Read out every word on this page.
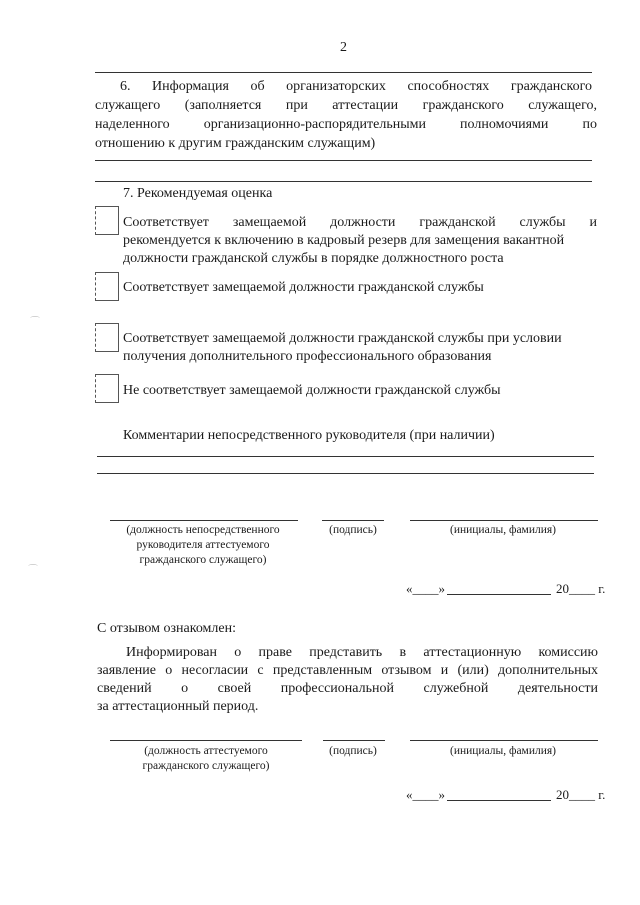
2
6. Информация об организаторских способностях гражданского
служащего (заполняется при аттестации гражданского служащего,
наделенного организационно-распорядительными полномочиями по
отношению к другим гражданским служащим)
7. Рекомендуемая оценка
Соответствует замещаемой должности гражданской службы и
рекомендуется к включению в кадровый резерв для замещения вакантной
должности гражданской службы в порядке должностного роста
Соответствует замещаемой должности гражданской службы
⌒
Соответствует замещаемой должности гражданской службы при условии
получения дополнительного профессионального образования
Не соответствует замещаемой должности гражданской службы
Комментарии непосредственного руководителя (при наличии)
(должность непосредственного руководителя аттестуемого гражданского служащего)
(подпись)	(инициалы, фамилия)
⌒
«____»	20____ г.
С отзывом ознакомлен:
Информирован о праве представить в аттестационную комиссию
заявление о несогласии с представленным отзывом и (или) дополнительных
сведений о своей профессиональной служебной деятельности
за аттестационный период.
(должность аттестуемого гражданского служащего)
(подпись)	(инициалы, фамилия)
«____»	20____ г.
